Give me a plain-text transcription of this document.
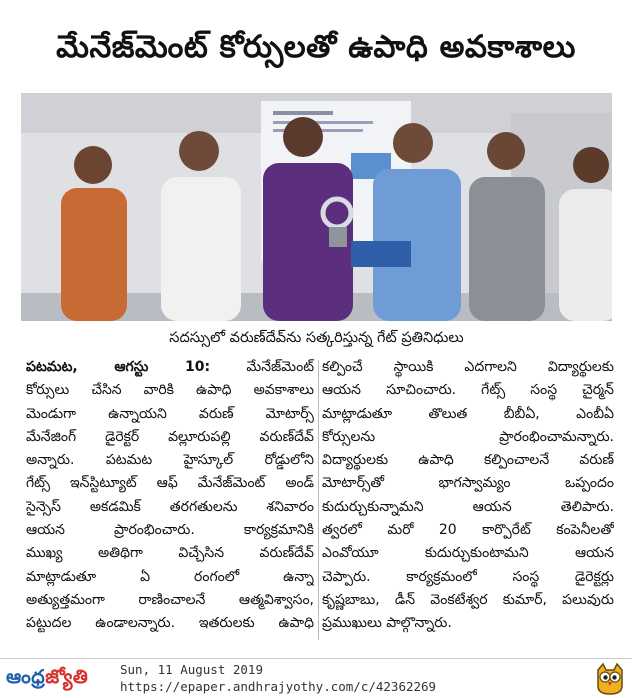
మేనేజ్‌మెంట్ కోర్సులతో ఉపాధి అవకాశాలు
సదస్సులో వరుణ్‌దేవ్‌ను సత్కరిస్తున్న గేట్ ప్రతినిధులు
పటమట, ఆగస్టు 10:	మేనేజ్‌మెంట్
కోర్సులు చేసిన వారికి ఉపాధి అవకాశాలు
మెండుగా ఉన్నాయని వరుణ్ మోటార్స్
మేనేజింగ్ డైరెక్టర్ వల్లూరుపల్లి వరుణ్‌దేవ్
అన్నారు. పటమట హైస్కూల్ రోడ్డులోని
గేట్స్ ఇన్‌స్టిట్యూట్ ఆఫ్ మేనేజ్‌మెంట్ అండ్
సైన్సెస్ అకడమిక్ తరగతులను శనివారం
ఆయన ప్రారంభించారు. కార్యక్రమానికి
ముఖ్య అతిథిగా విచ్చేసిన వరుణ్‌దేవ్
మాట్లాడుతూ ఏ రంగంలో ఉన్నా
అత్యుత్తమంగా రాణించాలనే ఆత్మవిశ్వాసం,
పట్టుదల ఉండాలన్నారు. ఇతరులకు ఉపాధి
కల్పించే స్థాయికి ఎదగాలని విద్యార్థులకు
ఆయన సూచించారు. గేట్స్ సంస్థ చైర్మన్
మాట్లాడుతూ తొలుత బీబీఏ, ఎంబీఏ
కోర్సులను ప్రారంభించామన్నారు.
విద్యార్థులకు ఉపాధి కల్పించాలనే వరుణ్
మోటార్స్‌తో భాగస్వామ్యం ఒప్పందం
కుదుర్చుకున్నామని ఆయన తెలిపారు.
త్వరలో మరో 20 కార్పొరేట్ కంపెనీలతో
ఎంవోయూ కుదుర్చుకుంటామని ఆయన
చెప్పారు. కార్యక్రమంలో సంస్థ డైరెక్టర్లు
కృష్ణబాబు, డీన్ వెంకటేశ్వర కుమార్, పలువురు
ప్రముఖులు పాల్గొన్నారు.
ఆంధ్రజ్యోతి	Sun, 11 August 2019
https://epaper.andhrajyothy.com/c/42362269
